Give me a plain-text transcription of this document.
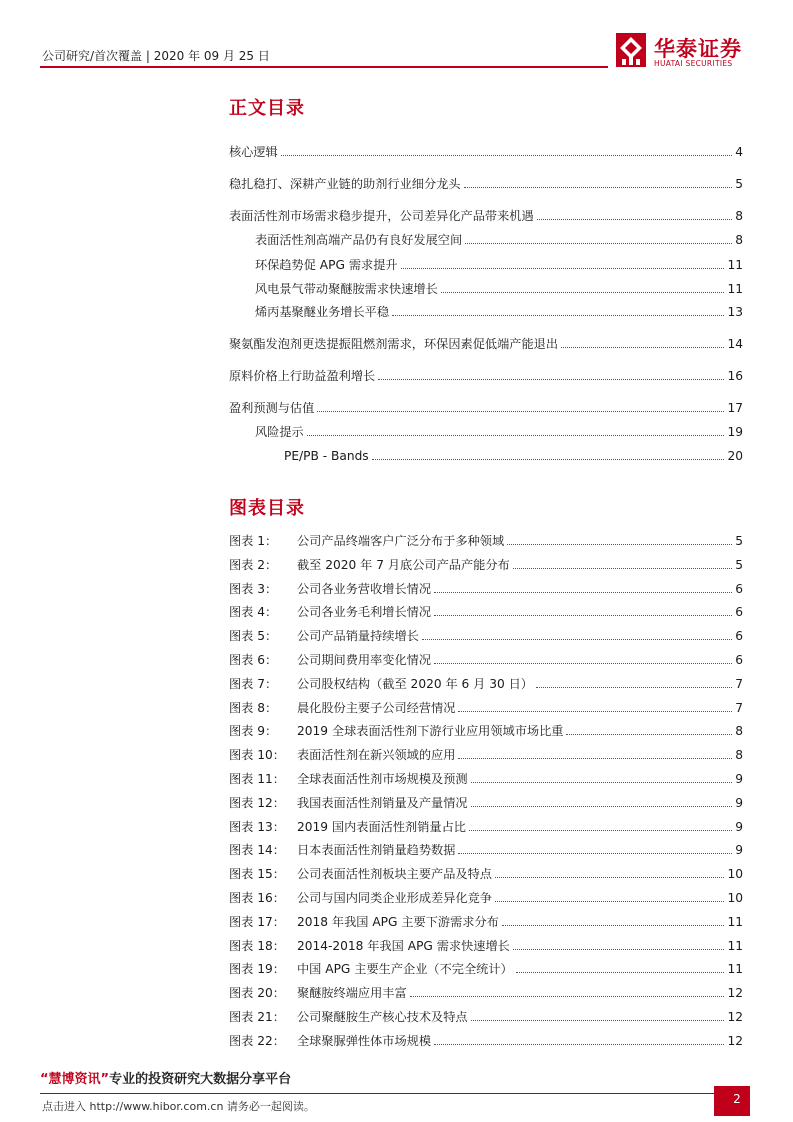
公司研究/首次覆盖 | 2020 年 09 月 25 日	华泰证券
HUATAI SECURITIES
正文目录
核心逻辑	4
稳扎稳打、深耕产业链的助剂行业细分龙头	5
表面活性剂市场需求稳步提升，公司差异化产品带来机遇	8
表面活性剂高端产品仍有良好发展空间	8
环保趋势促 APG 需求提升	11
风电景气带动聚醚胺需求快速增长	11
烯丙基聚醚业务增长平稳	13
聚氨酯发泡剂更迭提振阻燃剂需求，环保因素促低端产能退出	14
原料价格上行助益盈利增长	16
盈利预测与估值	17
风险提示	19
PE/PB - Bands	20
图表目录
图表 1：	公司产品终端客户广泛分布于多种领域	5
图表 2：	截至 2020 年 7 月底公司产品产能分布	5
图表 3：	公司各业务营收增长情况	6
图表 4：	公司各业务毛利增长情况	6
图表 5：	公司产品销量持续增长	6
图表 6：	公司期间费用率变化情况	6
图表 7：	公司股权结构（截至 2020 年 6 月 30 日）	7
图表 8：	晨化股份主要子公司经营情况	7
图表 9：	2019 全球表面活性剂下游行业应用领域市场比重	8
图表 10： 表面活性剂在新兴领域的应用	8
图表 11： 全球表面活性剂市场规模及预测	9
图表 12： 我国表面活性剂销量及产量情况	9
图表 13： 2019 国内表面活性剂销量占比	9
图表 14： 日本表面活性剂销量趋势数据	9
图表 15： 公司表面活性剂板块主要产品及特点	10
图表 16： 公司与国内同类企业形成差异化竞争	10
图表 17： 2018 年我国 APG 主要下游需求分布	11
图表 18： 2014-2018 年我国 APG 需求快速增长	11
图表 19： 中国 APG 主要生产企业（不完全统计）	11
图表 20： 聚醚胺终端应用丰富	12
图表 21： 公司聚醚胺生产核心技术及特点	12
图表 22： 全球聚脲弹性体市场规模	12
“慧博资讯”专业的投资研究大数据分享平台
点击进入 http://www.hibor.com.cn 请务必一起阅读。
2
